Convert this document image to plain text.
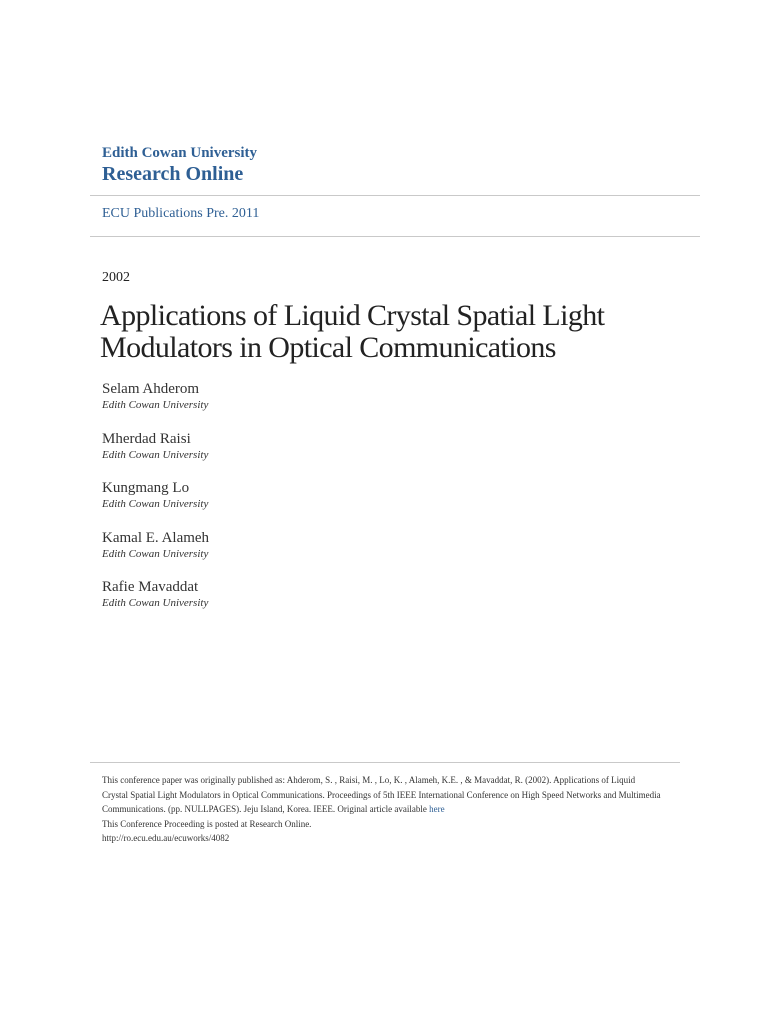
Edith Cowan University
Research Online
ECU Publications Pre. 2011
2002
Applications of Liquid Crystal Spatial Light
Modulators in Optical Communications
Selam Ahderom
Edith Cowan University
Mherdad Raisi
Edith Cowan University
Kungmang Lo
Edith Cowan University
Kamal E. Alameh
Edith Cowan University
Rafie Mavaddat
Edith Cowan University

This conference paper was originally published as: Ahderom, S. , Raisi, M. , Lo, K. , Alameh, K.E. , & Mavaddat, R. (2002). Applications of Liquid Crystal Spatial Light Modulators in Optical Communications. Proceedings of 5th IEEE International Conference on High Speed Networks and Multimedia Communications. (pp. NULLPAGES). Jeju Island, Korea. IEEE. Original article available here

This Conference Proceeding is posted at Research Online.

http://ro.ecu.edu.au/ecuworks/4082
